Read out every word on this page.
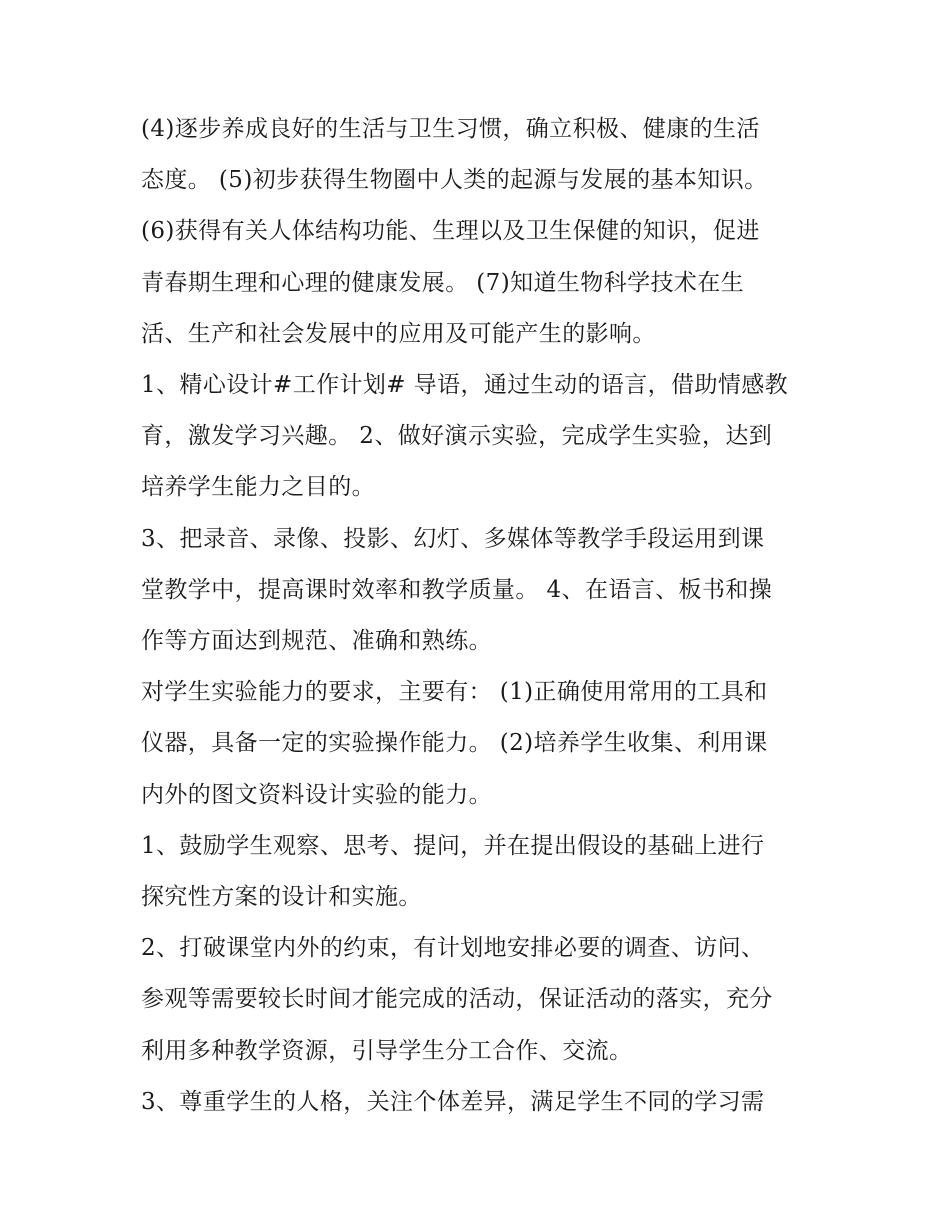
(4)逐步养成良好的生活与卫生习惯，确立积极、健康的生活
态度。 (5)初步获得生物圈中人类的起源与发展的基本知识。
(6)获得有关人体结构功能、生理以及卫生保健的知识，促进
青春期生理和心理的健康发展。 (7)知道生物科学技术在生
活、生产和社会发展中的应用及可能产生的影响。

1、精心设计#工作计划# 导语，通过生动的语言，借助情感教
育，激发学习兴趣。 2、做好演示实验，完成学生实验，达到
培养学生能力之目的。

3、把录音、录像、投影、幻灯、多媒体等教学手段运用到课
堂教学中，提高课时效率和教学质量。 4、在语言、板书和操
作等方面达到规范、准确和熟练。

对学生实验能力的要求，主要有： (1)正确使用常用的工具和
仪器，具备一定的实验操作能力。 (2)培养学生收集、利用课
内外的图文资料设计实验的能力。

1、鼓励学生观察、思考、提问，并在提出假设的基础上进行
探究性方案的设计和实施。

2、打破课堂内外的约束，有计划地安排必要的调查、访问、
参观等需要较长时间才能完成的活动，保证活动的落实，充分
利用多种教学资源，引导学生分工合作、交流。

3、尊重学生的人格，关注个体差异，满足学生不同的学习需
